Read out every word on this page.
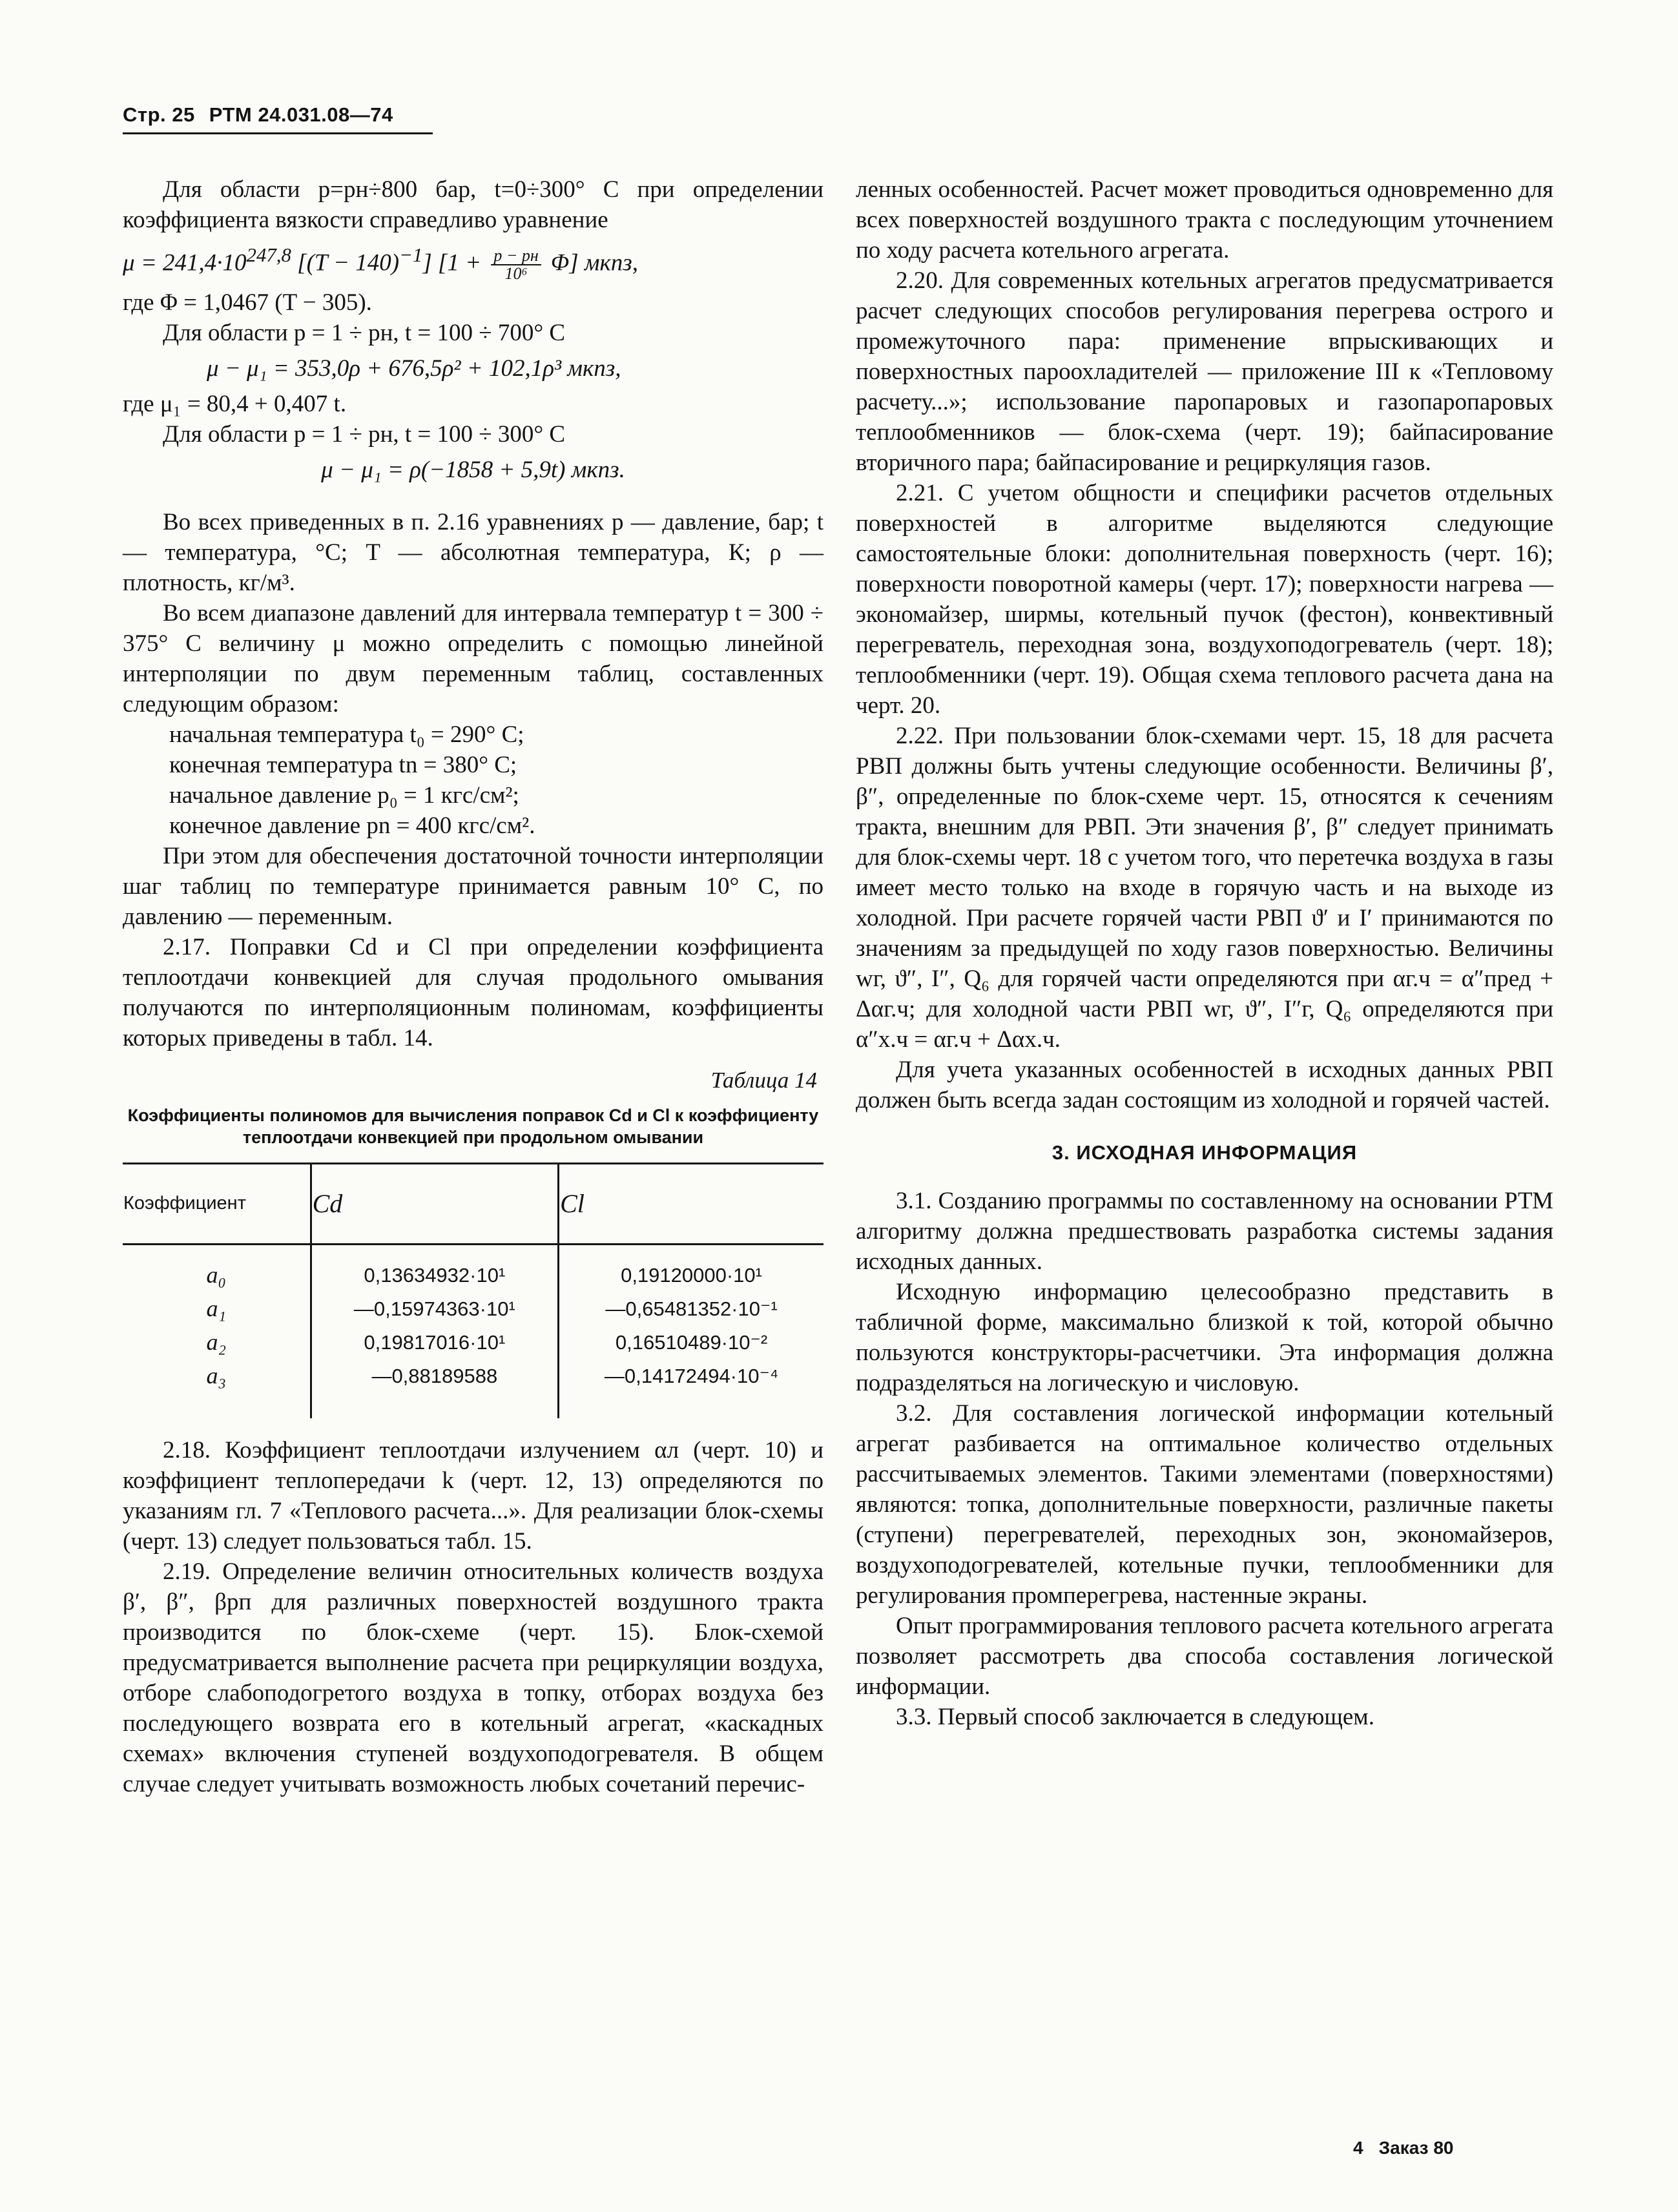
Стр. 25 РТМ 24.031.08—74

Для области p=pн÷800 бар, t=0÷300° С при определении коэффициента вязкости справедливо уравнение

$\mu = 241,4\cdot 10^{247,8}$ $[(T - 140)^{-1}]$ $[1 + \frac{p - pн}{\text{10⁶}} \Phi]$ мкпз,

где Φ = 1,0467 (T − 305).

Для области p = 1 ÷ pн, t = 100 ÷ 700° С

μ − μ₁ = 353,0ρ + 676,5ρ² + 102,1ρ³ мкпз,

где μ₁ = 80,4 + 0,407 t.

Для области p = 1 ÷ pн, t = 100 ÷ 300° С

μ − μ₁ = ρ(−1858 + 5,9t) мкпз.

Во всех приведенных в п. 2.16 уравнениях p — давление, бар; t — температура, °С; T — абсолютная температура, К; ρ — плотность, кг/м³.

Во всем диапазоне давлений для интервала температур t = 300 ÷ 375° С величину μ можно определить с помощью линейной интерполяции по двум переменным таблиц, составленных следующим образом:

начальная температура t₀ = 290° С;

конечная температура tn = 380° С;

начальное давление p₀ = 1 кгс/см²;

конечное давление pn = 400 кгс/см².

При этом для обеспечения достаточной точности интерполяции шаг таблиц по температуре принимается равным 10° С, по давлению — переменным.

2.17. Поправки Cd и Cl при определении коэффициента теплоотдачи конвекцией для случая продольного омывания получаются по интерполяционным полиномам, коэффициенты которых приведены в табл. 14.

Таблица 14
Коэффициенты полиномов для вычисления поправок Cd и Cl к коэффициенту теплоотдачи конвекцией при продольном омывании
Коэффициент	Cd	Cl
a₀	0,13634932·10¹	0,19120000·10¹
a₁	—0,15974363·10¹	—0,65481352·10⁻¹
a₂	0,19817016·10¹	0,16510489·10⁻²
a₃	—0,88189588	—0,14172494·10⁻⁴

2.18. Коэффициент теплоотдачи излучением αл (черт. 10) и коэффициент теплопередачи k (черт. 12, 13) определяются по указаниям гл. 7 «Теплового расчета...». Для реализации блок-схемы (черт. 13) следует пользоваться табл. 15.

2.19. Определение величин относительных количеств воздуха β′, β″, βрп для различных поверхностей воздушного тракта производится по блок-схеме (черт. 15). Блок-схемой предусматривается выполнение расчета при рециркуляции воздуха, отборе слабоподогретого воздуха в топку, отборах воздуха без последующего возврата его в котельный агрегат, «каскадных схемах» включения ступеней воздухоподогревателя. В общем случае следует учитывать возможность любых сочетаний перечис-

ленных особенностей. Расчет может проводиться одновременно для всех поверхностей воздушного тракта с последующим уточнением по ходу расчета котельного агрегата.

2.20. Для современных котельных агрегатов предусматривается расчет следующих способов регулирования перегрева острого и промежуточного пара: применение впрыскивающих и поверхностных пароохладителей — приложение III к «Тепловому расчету...»; использование паропаровых и газопаропаровых теплообменников — блок-схема (черт. 19); байпасирование вторичного пара; байпасирование и рециркуляция газов.

2.21. С учетом общности и специфики расчетов отдельных поверхностей в алгоритме выделяются следующие самостоятельные блоки: дополнительная поверхность (черт. 16); поверхности поворотной камеры (черт. 17); поверхности нагрева — экономайзер, ширмы, котельный пучок (фестон), конвективный перегреватель, переходная зона, воздухоподогреватель (черт. 18); теплообменники (черт. 19). Общая схема теплового расчета дана на черт. 20.

2.22. При пользовании блок-схемами черт. 15, 18 для расчета РВП должны быть учтены следующие особенности. Величины β′, β″, определенные по блок-схеме черт. 15, относятся к сечениям тракта, внешним для РВП. Эти значения β′, β″ следует принимать для блок-схемы черт. 18 с учетом того, что перетечка воздуха в газы имеет место только на входе в горячую часть и на выходе из холодной. При расчете горячей части РВП ϑ′ и I′ принимаются по значениям за предыдущей по ходу газов поверхностью. Величины wг, ϑ″, I″, Q₆ для горячей части определяются при αг.ч = α″пред + Δαг.ч; для холодной части РВП wг, ϑ″, I″г, Q₆ определяются при α″х.ч = αг.ч + Δαх.ч.

Для учета указанных особенностей в исходных данных РВП должен быть всегда задан состоящим из холодной и горячей частей.

3. ИСХОДНАЯ ИНФОРМАЦИЯ

3.1. Созданию программы по составленному на основании РТМ алгоритму должна предшествовать разработка системы задания исходных данных.

Исходную информацию целесообразно представить в табличной форме, максимально близкой к той, которой обычно пользуются конструкторы-расчетчики. Эта информация должна подразделяться на логическую и числовую.

3.2. Для составления логической информации котельный агрегат разбивается на оптимальное количество отдельных рассчитываемых элементов. Такими элементами (поверхностями) являются: топка, дополнительные поверхности, различные пакеты (ступени) перегревателей, переходных зон, экономайзеров, воздухоподогревателей, котельные пучки, теплообменники для регулирования промперегрева, настенные экраны.

Опыт программирования теплового расчета котельного агрегата позволяет рассмотреть два способа составления логической информации.

3.3. Первый способ заключается в следующем.

4 Заказ 80
